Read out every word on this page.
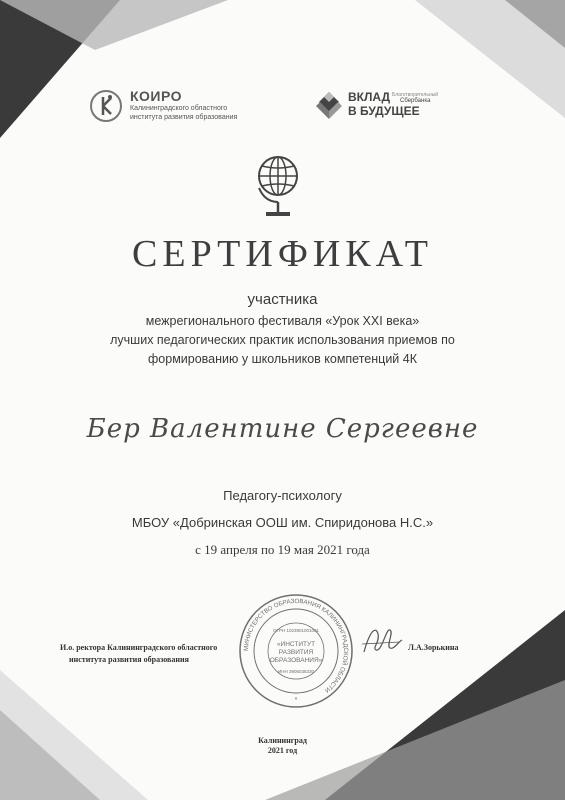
КОИРО
Калининградского областного
института развития образования
ВКЛАД
В БУДУЩЕЕ
Благотворительный
Сбербанка
СЕРТИФИКАТ
участника
межрегионального фестиваля «Урок XXI века»
лучших педагогических практик использования приемов по
формированию у школьников компетенций 4К
Бер Валентине Сергеевне
Педагогу-психологу
МБОУ «Добринская ООШ им. Спиридонова Н.С.»
с 19 апреля по 19 мая 2021 года
И.о. ректора Калининградского областного
института развития образования
МИНИСТЕРСТВО ОБРАЗОВАНИЯ КАЛИНИНГРАДСКОЙ ОБЛАСТИ
«ИНСТИТУТ
РАЗВИТИЯ
ОБРАЗОВАНИЯ»
ОГРН 1023901001091
ИНН 3906038330
*
Л.А.Зорькина
Калининград
2021 год
